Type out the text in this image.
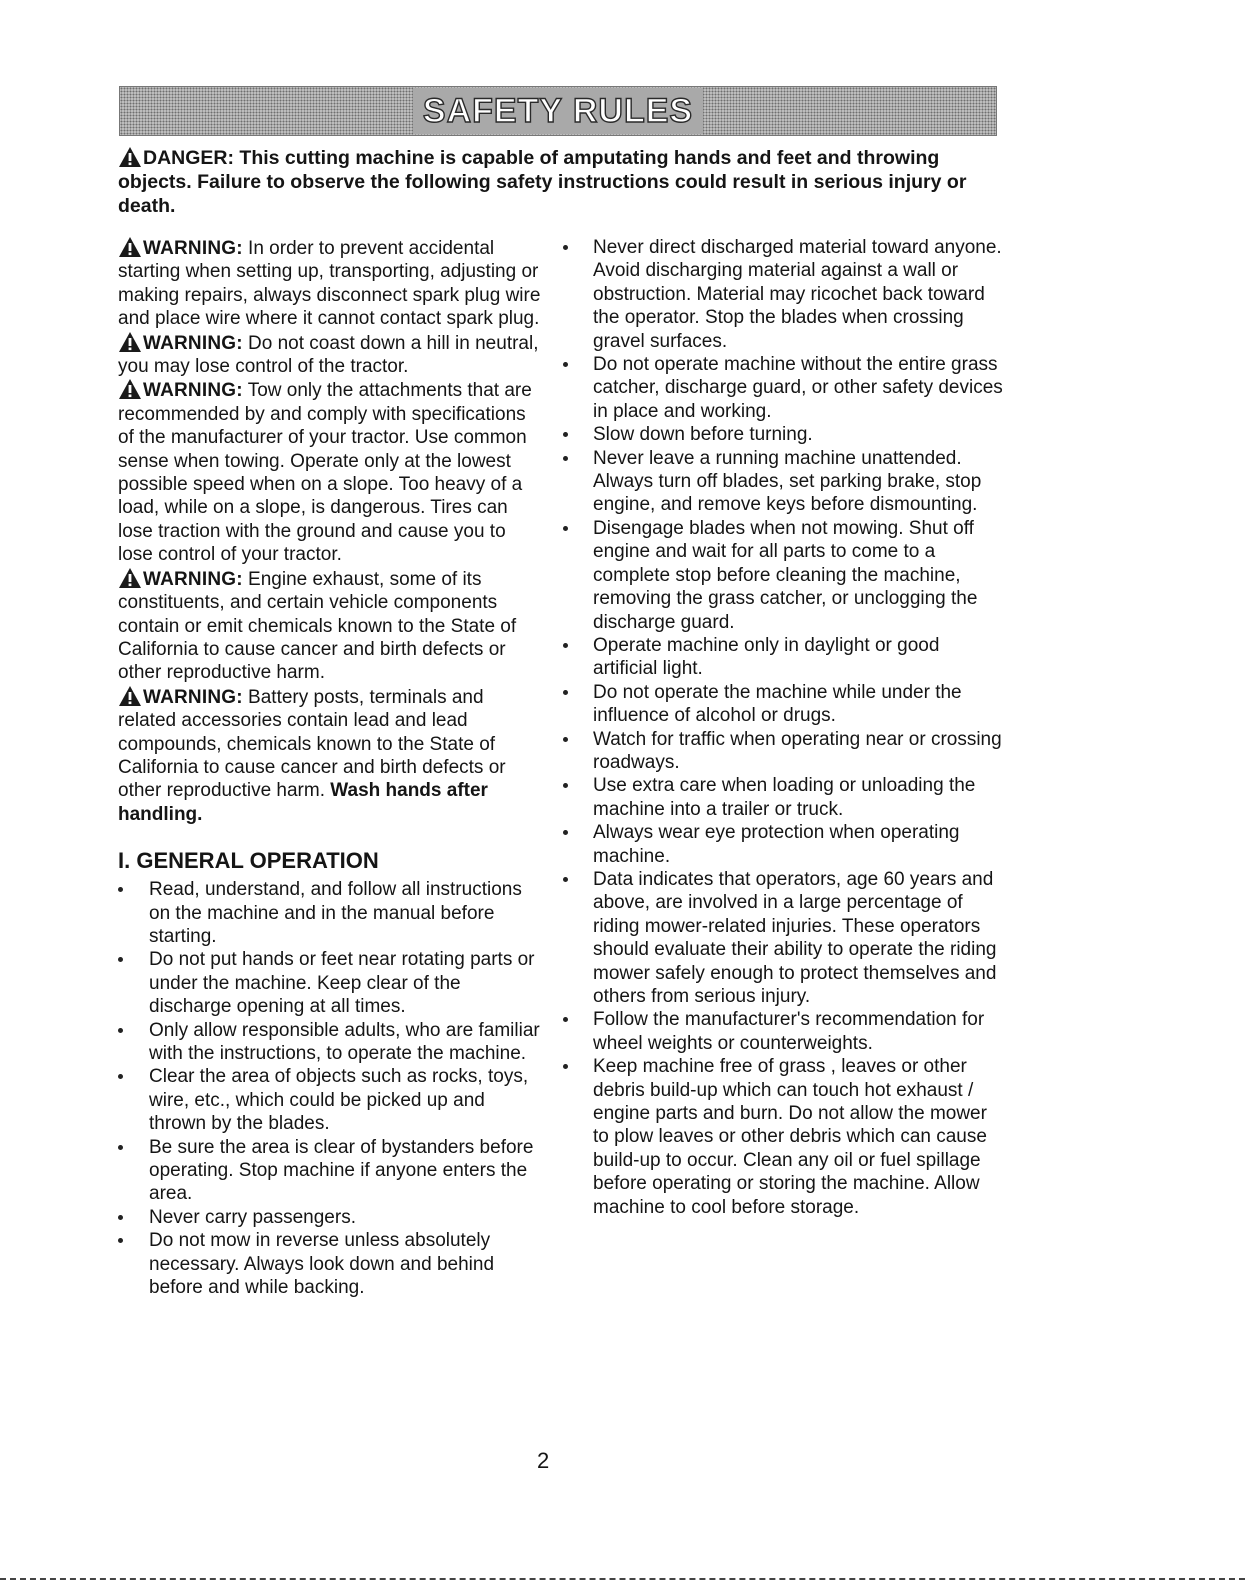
SAFETY RULES

DANGER: This cutting machine is capable of amputating hands and feet and throwing objects. Failure to observe the following safety instructions could result in serious injury or death.

WARNING: In order to prevent accidental starting when setting up, transporting, adjusting or making repairs, always disconnect spark plug wire and place wire where it cannot contact spark plug.

WARNING: Do not coast down a hill in neutral, you may lose control of the tractor.

WARNING: Tow only the attachments that are recommended by and comply with specifications of the manufacturer of your tractor. Use common sense when towing. Operate only at the lowest possible speed when on a slope. Too heavy of a load, while on a slope, is dangerous. Tires can lose traction with the ground and cause you to lose control of your tractor.

WARNING: Engine exhaust, some of its constituents, and certain vehicle components contain or emit chemicals known to the State of California to cause cancer and birth defects or other reproductive harm.

WARNING: Battery posts, terminals and related accessories contain lead and lead compounds, chemicals known to the State of California to cause cancer and birth defects or other reproductive harm. Wash hands after handling.

I. GENERAL OPERATION
Read, understand, and follow all instructions on the machine and in the manual before starting.
Do not put hands or feet near rotating parts or under the machine. Keep clear of the discharge opening at all times.
Only allow responsible adults, who are familiar with the instructions, to operate the machine.
Clear the area of objects such as rocks, toys, wire, etc., which could be picked up and thrown by the blades.
Be sure the area is clear of bystanders before operating. Stop machine if anyone enters the area.
Never carry passengers.
Do not mow in reverse unless absolutely necessary. Always look down and behind before and while backing.
Never direct discharged material toward anyone. Avoid discharging material against a wall or obstruction. Material may ricochet back toward the operator. Stop the blades when crossing gravel surfaces.
Do not operate machine without the entire grass catcher, discharge guard, or other safety devices in place and working.
Slow down before turning.
Never leave a running machine unattended. Always turn off blades, set parking brake, stop engine, and remove keys before dismounting.
Disengage blades when not mowing. Shut off engine and wait for all parts to come to a complete stop before cleaning the machine, removing the grass catcher, or unclogging the discharge guard.
Operate machine only in daylight or good artificial light.
Do not operate the machine while under the influence of alcohol or drugs.
Watch for traffic when operating near or crossing roadways.
Use extra care when loading or unloading the machine into a trailer or truck.
Always wear eye protection when operating machine.
Data indicates that operators, age 60 years and above, are involved in a large percentage of riding mower-related injuries. These operators should evaluate their ability to operate the riding mower safely enough to protect themselves and others from serious injury.
Follow the manufacturer's recommendation for wheel weights or counterweights.
Keep machine free of grass , leaves or other debris build-up which can touch hot exhaust / engine parts and burn. Do not allow the mower to plow leaves or other debris which can cause build-up to occur. Clean any oil or fuel spillage before operating or storing the machine. Allow machine to cool before storage.
2
